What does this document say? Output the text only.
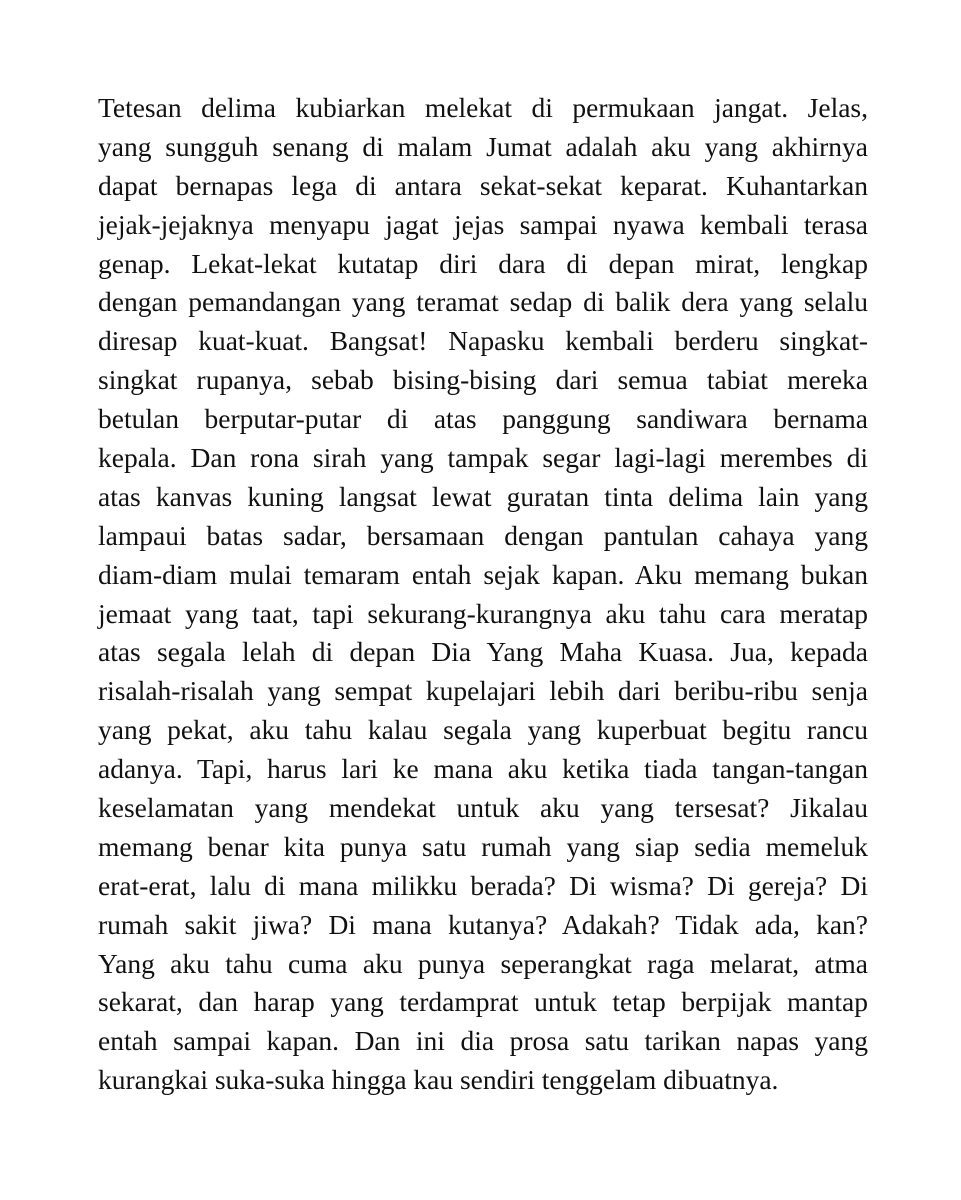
Tetesan delima kubiarkan melekat di permukaan jangat. Jelas,
yang sungguh senang di malam Jumat adalah aku yang akhirnya
dapat bernapas lega di antara sekat-sekat keparat. Kuhantarkan
jejak-jejaknya menyapu jagat jejas sampai nyawa kembali terasa
genap. Lekat-lekat kutatap diri dara di depan mirat, lengkap
dengan pemandangan yang teramat sedap di balik dera yang selalu
diresap kuat-kuat. Bangsat! Napasku kembali berderu singkat-
singkat rupanya, sebab bising-bising dari semua tabiat mereka
betulan berputar-putar di atas panggung sandiwara bernama
kepala. Dan rona sirah yang tampak segar lagi-lagi merembes di
atas kanvas kuning langsat lewat guratan tinta delima lain yang
lampaui batas sadar, bersamaan dengan pantulan cahaya yang
diam-diam mulai temaram entah sejak kapan. Aku memang bukan
jemaat yang taat, tapi sekurang-kurangnya aku tahu cara meratap
atas segala lelah di depan Dia Yang Maha Kuasa. Jua, kepada
risalah-risalah yang sempat kupelajari lebih dari beribu-ribu senja
yang pekat, aku tahu kalau segala yang kuperbuat begitu rancu
adanya. Tapi, harus lari ke mana aku ketika tiada tangan-tangan
keselamatan yang mendekat untuk aku yang tersesat? Jikalau
memang benar kita punya satu rumah yang siap sedia memeluk
erat-erat, lalu di mana milikku berada? Di wisma? Di gereja? Di
rumah sakit jiwa? Di mana kutanya? Adakah? Tidak ada, kan?
Yang aku tahu cuma aku punya seperangkat raga melarat, atma
sekarat, dan harap yang terdamprat untuk tetap berpijak mantap
entah sampai kapan. Dan ini dia prosa satu tarikan napas yang
kurangkai suka-suka hingga kau sendiri tenggelam dibuatnya.
